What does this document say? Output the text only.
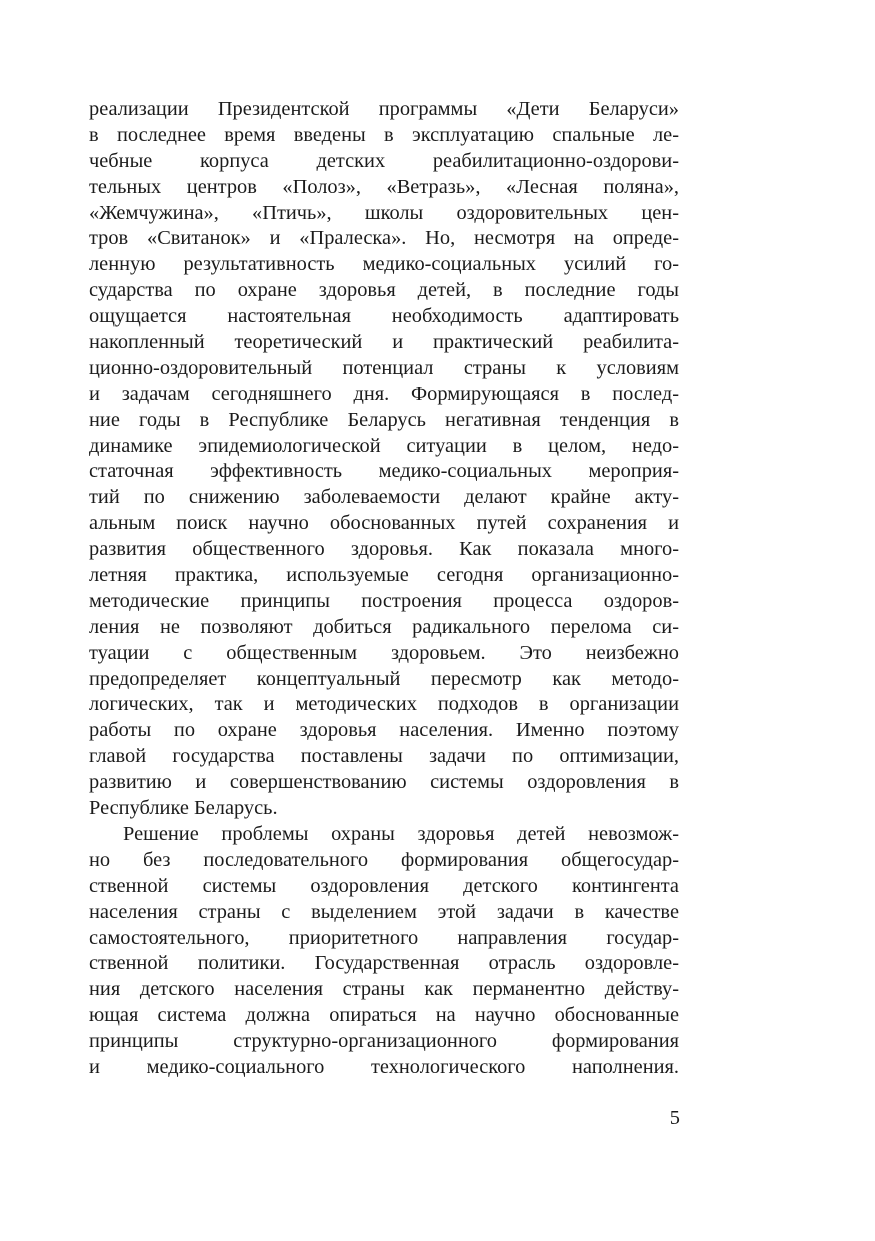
реализации Президентской программы «Дети Беларуси»
в последнее время введены в эксплуатацию спальные ле-
чебные корпуса детских реабилитационно-оздорови-
тельных центров «Полоз», «Ветразь», «Лесная поляна»,
«Жемчужина», «Птичь», школы оздоровительных цен-
тров «Свитанок» и «Пралеска». Но, несмотря на опреде-
ленную результативность медико-социальных усилий го-
сударства по охране здоровья детей, в последние годы
ощущается настоятельная необходимость адаптировать
накопленный теоретический и практический реабилита-
ционно-оздоровительный потенциал страны к условиям
и задачам сегодняшнего дня. Формирующаяся в послед-
ние годы в Республике Беларусь негативная тенденция в
динамике эпидемиологической ситуации в целом, недо-
статочная эффективность медико-социальных мероприя-
тий по снижению заболеваемости делают крайне акту-
альным поиск научно обоснованных путей сохранения и
развития общественного здоровья. Как показала много-
летняя практика, используемые сегодня организационно-
методические принципы построения процесса оздоров-
ления не позволяют добиться радикального перелома си-
туации с общественным здоровьем. Это неизбежно
предопределяет концептуальный пересмотр как методо-
логических, так и методических подходов в организации
работы по охране здоровья населения. Именно поэтому
главой государства поставлены задачи по оптимизации,
развитию и совершенствованию системы оздоровления в
Республике Беларусь.
Решение проблемы охраны здоровья детей невозмож-
но без последовательного формирования общегосудар-
ственной системы оздоровления детского контингента
населения страны с выделением этой задачи в качестве
самостоятельного, приоритетного направления государ-
ственной политики. Государственная отрасль оздоровле-
ния детского населения страны как перманентно действу-
ющая система должна опираться на научно обоснованные
принципы структурно-организационного формирования
и медико-социального технологического наполнения.
5
